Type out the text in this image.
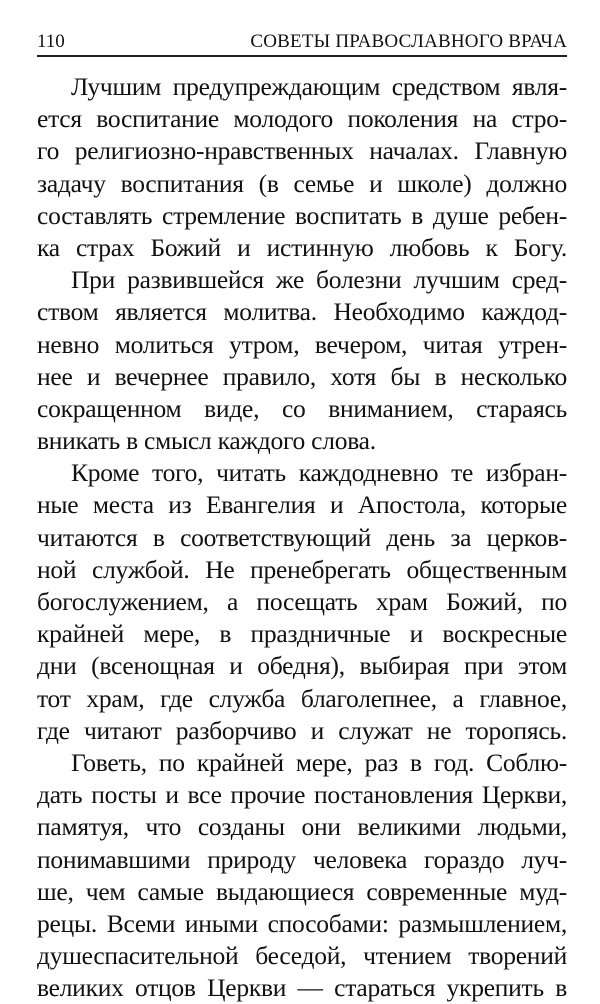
110	СОВЕТЫ ПРАВОСЛАВНОГО ВРАЧА
Лучшим предупреждающим средством явля-
ется воспитание молодого поколения на стро-
го религиозно-нравственных началах. Главную
задачу воспитания (в семье и школе) должно
составлять стремление воспитать в душе ребен-
ка страх Божий и истинную любовь к Богу.
При развившейся же болезни лучшим сред-
ством является молитва. Необходимо каждод-
невно молиться утром, вечером, читая утрен-
нее и вечернее правило, хотя бы в несколько
сокращенном виде, со вниманием, стараясь
вникать в смысл каждого слова.
Кроме того, читать каждодневно те избран-
ные места из Евангелия и Апостола, которые
читаются в соответствующий день за церков-
ной службой. Не пренебрегать общественным
богослужением, а посещать храм Божий, по
крайней мере, в праздничные и воскресные
дни (всенощная и обедня), выбирая при этом
тот храм, где служба благолепнее, а главное,
где читают разборчиво и служат не торопясь.
Говеть, по крайней мере, раз в год. Соблю-
дать посты и все прочие постановления Церкви,
памятуя, что созданы они великими людьми,
понимавшими природу человека гораздо луч-
ше, чем самые выдающиеся современные муд-
рецы. Всеми иными способами: размышлением,
душеспасительной беседой, чтением творений
великих отцов Церкви — стараться укрепить в
